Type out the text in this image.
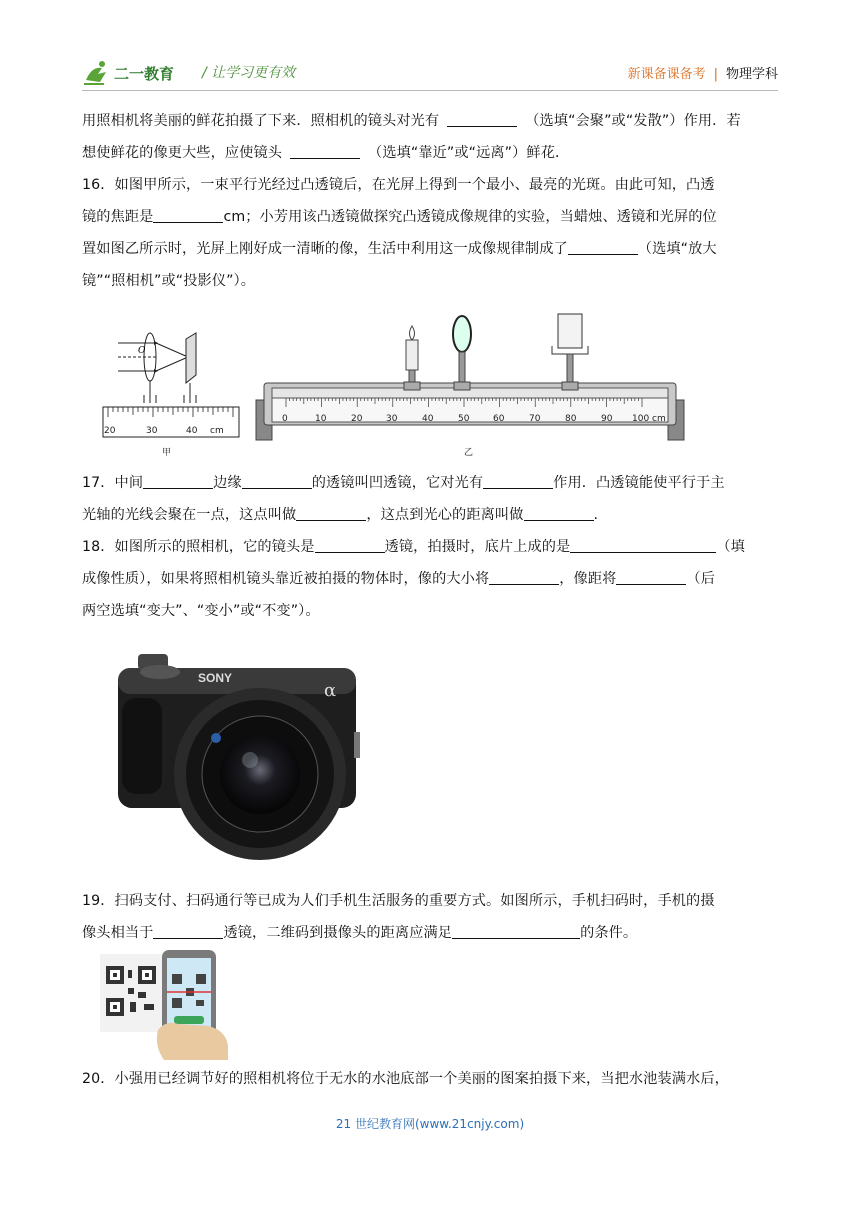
二一教育 / 让学习更有效	新课备课备考 | 物理学科
用照相机将美丽的鲜花拍摄了下来．照相机的镜头对光有	（选填“会聚”或“发散”）作用．若
想使鲜花的像更大些，应使镜头	（选填“靠近”或“远离”）鲜花．
16．如图甲所示，一束平行光经过凸透镜后，在光屏上得到一个最小、最亮的光斑。由此可知，凸透
镜的焦距是	cm；小芳用该凸透镜做探究凸透镜成像规律的实验，当蜡烛、透镜和光屏的位
置如图乙所示时，光屏上刚好成一清晰的像，生活中利用这一成像规律制成了	（选填“放大
镜”“照相机”或“投影仪”）。
O
20	30	40 cm
甲
0	10	20	30	40	50	60	70	80	90 100 cm
乙
17．中间	边缘	的透镜叫凹透镜，它对光有	作用．凸透镜能使平行于主
光轴的光线会聚在一点，这点叫做	，这点到光心的距离叫做	.
18．如图所示的照相机，它的镜头是	透镜，拍摄时，底片上成的是	（填
成像性质），如果将照相机镜头靠近被拍摄的物体时，像的大小将	，像距将	（后
两空选填“变大”、“变小”或“不变”）。
SONY
α
19．扫码支付、扫码通行等已成为人们手机生活服务的重要方式。如图所示，手机扫码时，手机的摄
像头相当于	透镜，二维码到摄像头的距离应满足	的条件。
20．小强用已经调节好的照相机将位于无水的水池底部一个美丽的图案拍摄下来，当把水池装满水后，
21 世纪教育网(www.21cnjy.com)
